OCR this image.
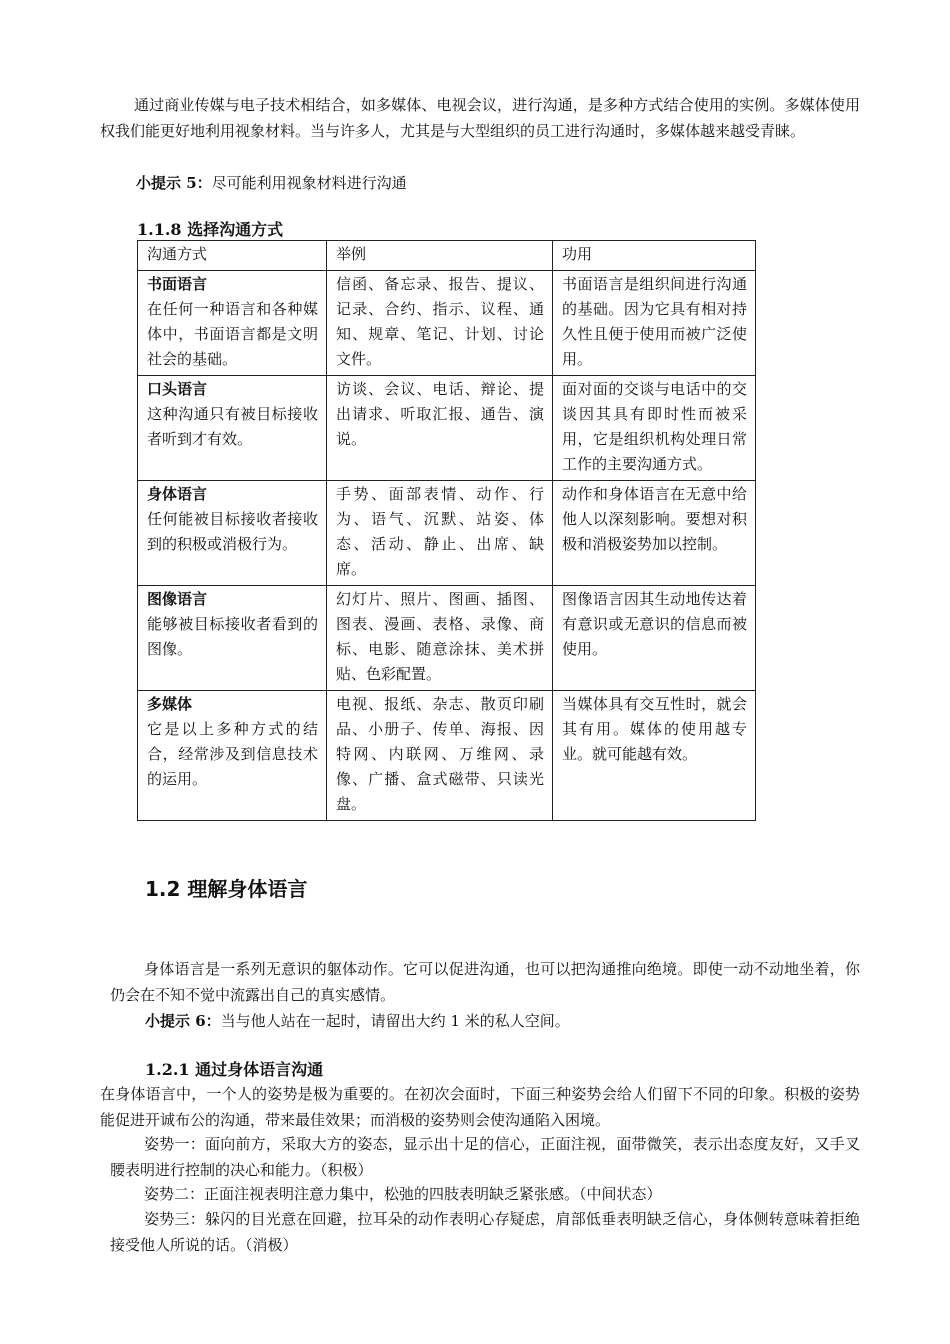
通过商业传媒与电子技术相结合，如多媒体、电视会议，进行沟通，是多种方式结合使用的实例。多媒体使用权我们能更好地利用视象材料。当与许多人，尤其是与大型组织的员工进行沟通时，多媒体越来越受青睐。

小提示 5：尽可能利用视象材料进行沟通

1.1.8 选择沟通方式
沟通方式	举例	功用

书面语言
在任何一种语言和各种媒体中，书面语言都是文明社会的基础。	信函、备忘录、报告、提议、记录、合约、指示、议程、通知、规章、笔记、计划、讨论文件。	书面语言是组织间进行沟通的基础。因为它具有相对持久性且便于使用而被广泛使用。

口头语言
这种沟通只有被目标接收者听到才有效。	访谈、会议、电话、辩论、提出请求、听取汇报、通告、演说。	面对面的交谈与电话中的交谈因其具有即时性而被采用，它是组织机构处理日常工作的主要沟通方式。

身体语言
任何能被目标接收者接收到的积极或消极行为。	手势、面部表情、动作、行为、语气、沉默、站姿、体态、活动、静止、出席、缺席。	动作和身体语言在无意中给他人以深刻影响。要想对积极和消极姿势加以控制。

图像语言
能够被目标接收者看到的图像。	幻灯片、照片、图画、插图、图表、漫画、表格、录像、商标、电影、随意涂抹、美术拼贴、色彩配置。	图像语言因其生动地传达着有意识或无意识的信息而被使用。

多媒体
它是以上多种方式的结合，经常涉及到信息技术的运用。	电视、报纸、杂志、散页印刷品、小册子、传单、海报、因特网、内联网、万维网、录像、广播、盒式磁带、只读光盘。	当媒体具有交互性时，就会 其有用。媒体的使用越专业。就可能越有效。
1.2 理解身体语言

身体语言是一系列无意识的躯体动作。它可以促进沟通，也可以把沟通推向绝境。即使一动不动地坐着，你仍会在不知不觉中流露出自己的真实感情。

小提示 6：当与他人站在一起时，请留出大约 1 米的私人空间。

1.2.1 通过身体语言沟通

在身体语言中，一个人的姿势是极为重要的。在初次会面时，下面三种姿势会给人们留下不同的印象。积极的姿势能促进开诚布公的沟通，带来最佳效果；而消极的姿势则会使沟通陷入困境。

姿势一：面向前方，采取大方的姿态，显示出十足的信心，正面注视，面带微笑，表示出态度友好，又手叉腰表明进行控制的决心和能力。（积极）

姿势二：正面注视表明注意力集中，松弛的四肢表明缺乏紧张感。（中间状态）

姿势三：躲闪的目光意在回避，拉耳朵的动作表明心存疑虑，肩部低垂表明缺乏信心，身体侧转意味着拒绝接受他人所说的话。（消极）
